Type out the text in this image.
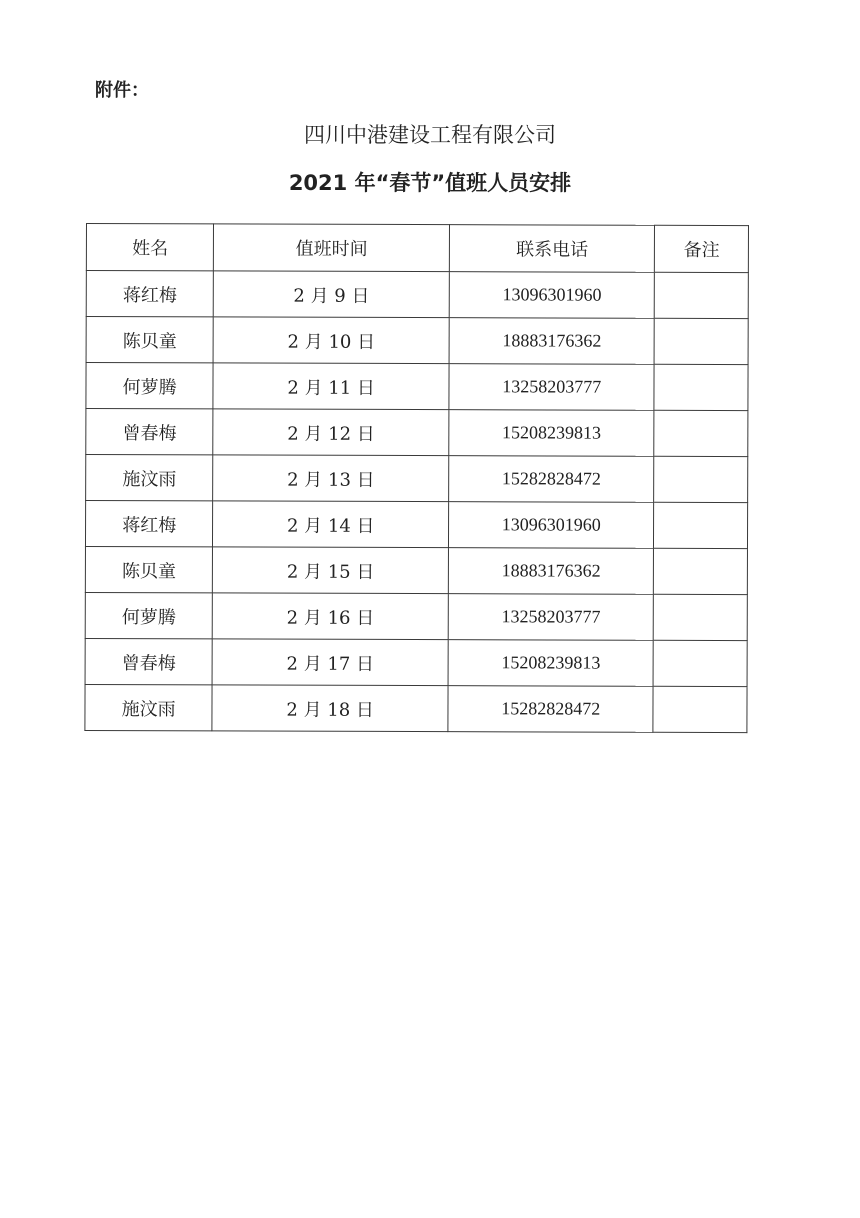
附件：
四川中港建设工程有限公司
2021 年“春节”值班人员安排
姓名	值班时间	联系电话	备注
蒋红梅	2 月 9 日	13096301960	
陈贝童	2 月 10 日	18883176362	
何萝腾	2 月 11 日	13258203777	
曾春梅	2 月 12 日	15208239813	
施汶雨	2 月 13 日	15282828472	
蒋红梅	2 月 14 日	13096301960	
陈贝童	2 月 15 日	18883176362	
何萝腾	2 月 16 日	13258203777	
曾春梅	2 月 17 日	15208239813	
施汶雨	2 月 18 日	15282828472	
